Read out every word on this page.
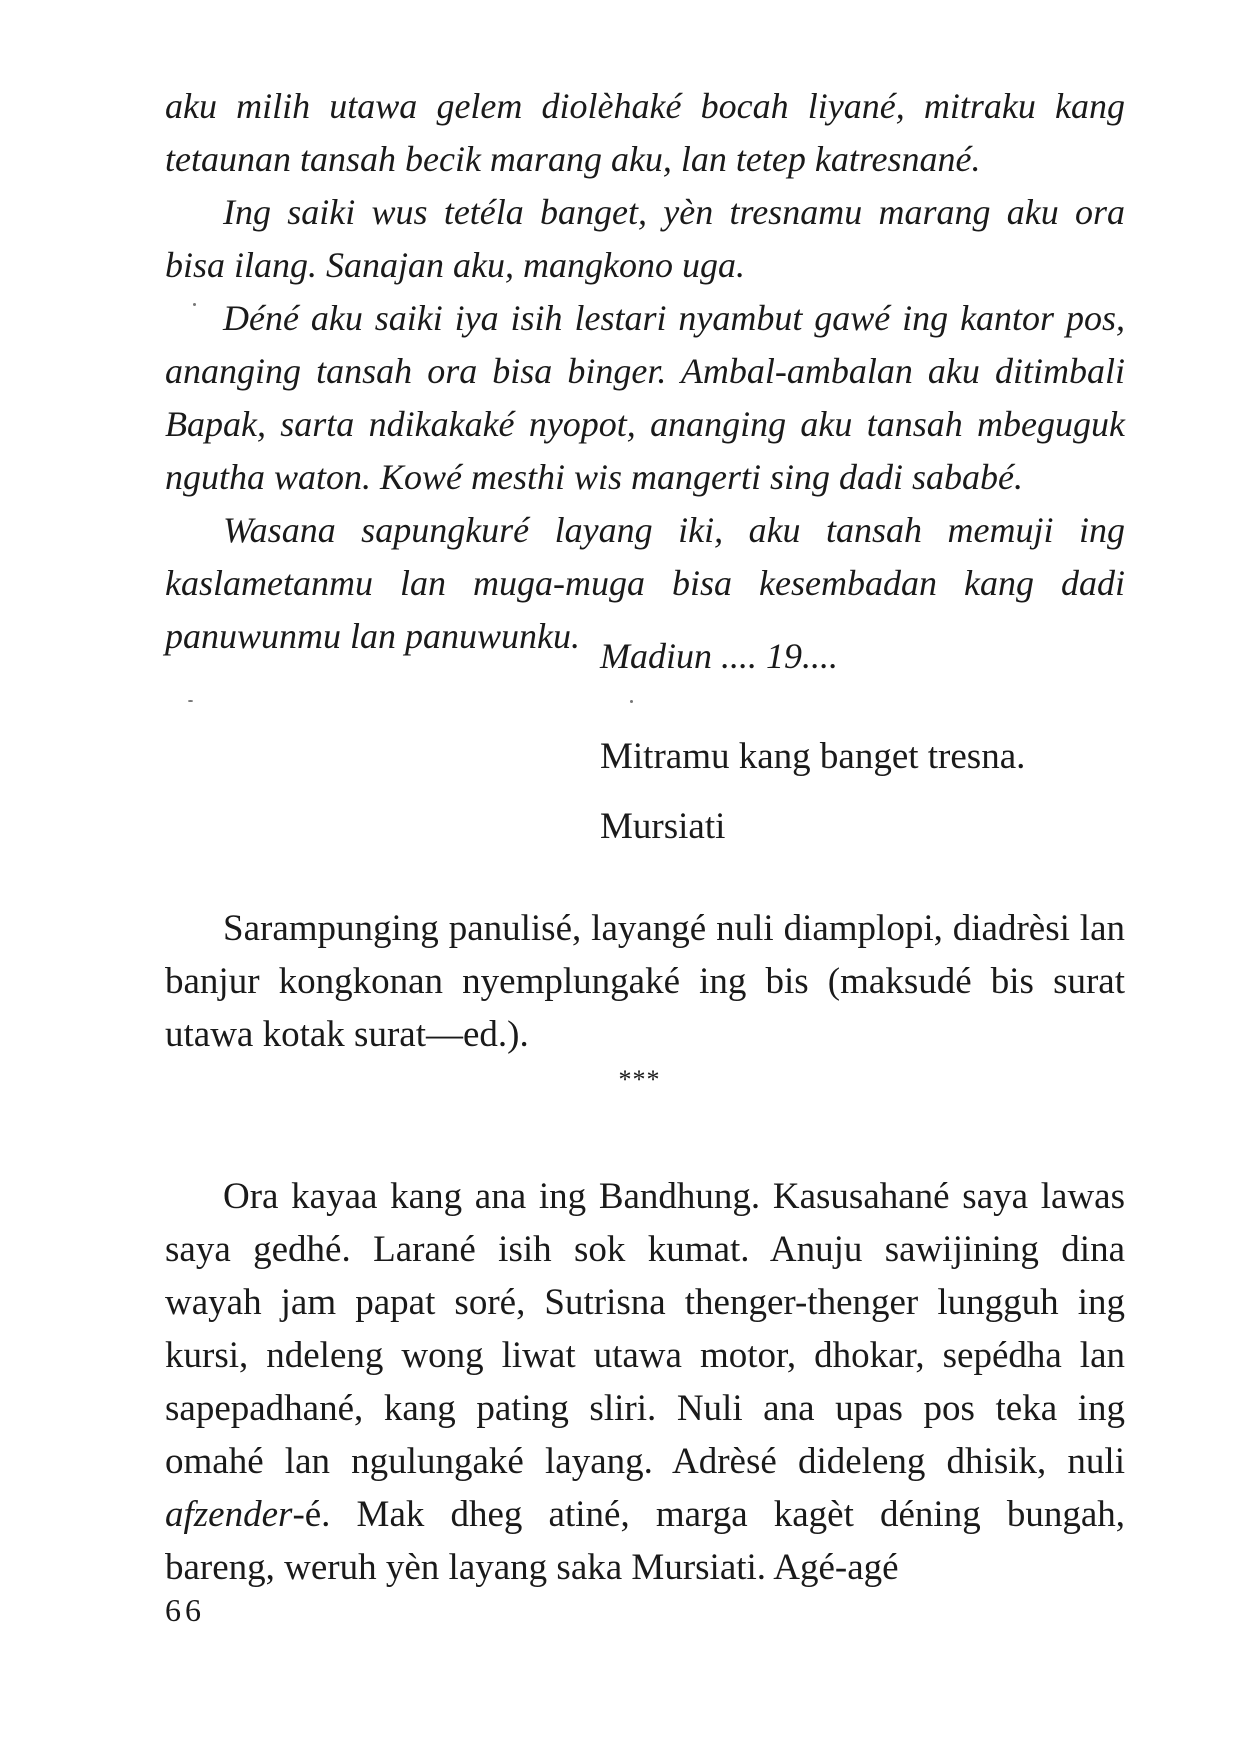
aku milih utawa gelem diolèhaké bocah liyané, mitraku kang tetaunan tansah becik marang aku, lan tetep katresnané.

Ing saiki wus tetéla banget, yèn tresnamu marang aku ora bisa ilang. Sanajan aku, mangkono uga.

Déné aku saiki iya isih lestari nyambut gawé ing kantor pos, ananging tansah ora bisa binger. Ambal-ambalan aku ditimbali Bapak, sarta ndikakaké nyopot, ananging aku tansah mbeguguk ngutha waton. Kowé mesthi wis mangerti sing dadi sababé.

Wasana sapungkuré layang iki, aku tansah memuji ing kaslametanmu lan muga-muga bisa kesembadan kang dadi panuwunmu lan panuwunku. Madiun .... 19....
Mitramu kang banget tresna.
Mursiati

Sarampunging panulisé, layangé nuli diamplopi, diadrèsi lan banjur kongkonan nyemplungaké ing bis (maksudé bis surat utawa kotak surat—ed.).

***

Ora kayaa kang ana ing Bandhung. Kasusahané saya lawas saya gedhé. Larané isih sok kumat. Anuju sawijining dina wayah jam papat soré, Sutrisna thenger-thenger lungguh ing kursi, ndeleng wong liwat utawa motor, dhokar, sepédha lan sapepadhané, kang pating sliri. Nuli ana upas pos teka ing omahé lan ngulungaké layang. Adrèsé dideleng dhisik, nuli afzender-é. Mak dheg atiné, marga kagèt déning bungah, bareng, weruh yèn layang saka Mursiati. Agé-agé

66
